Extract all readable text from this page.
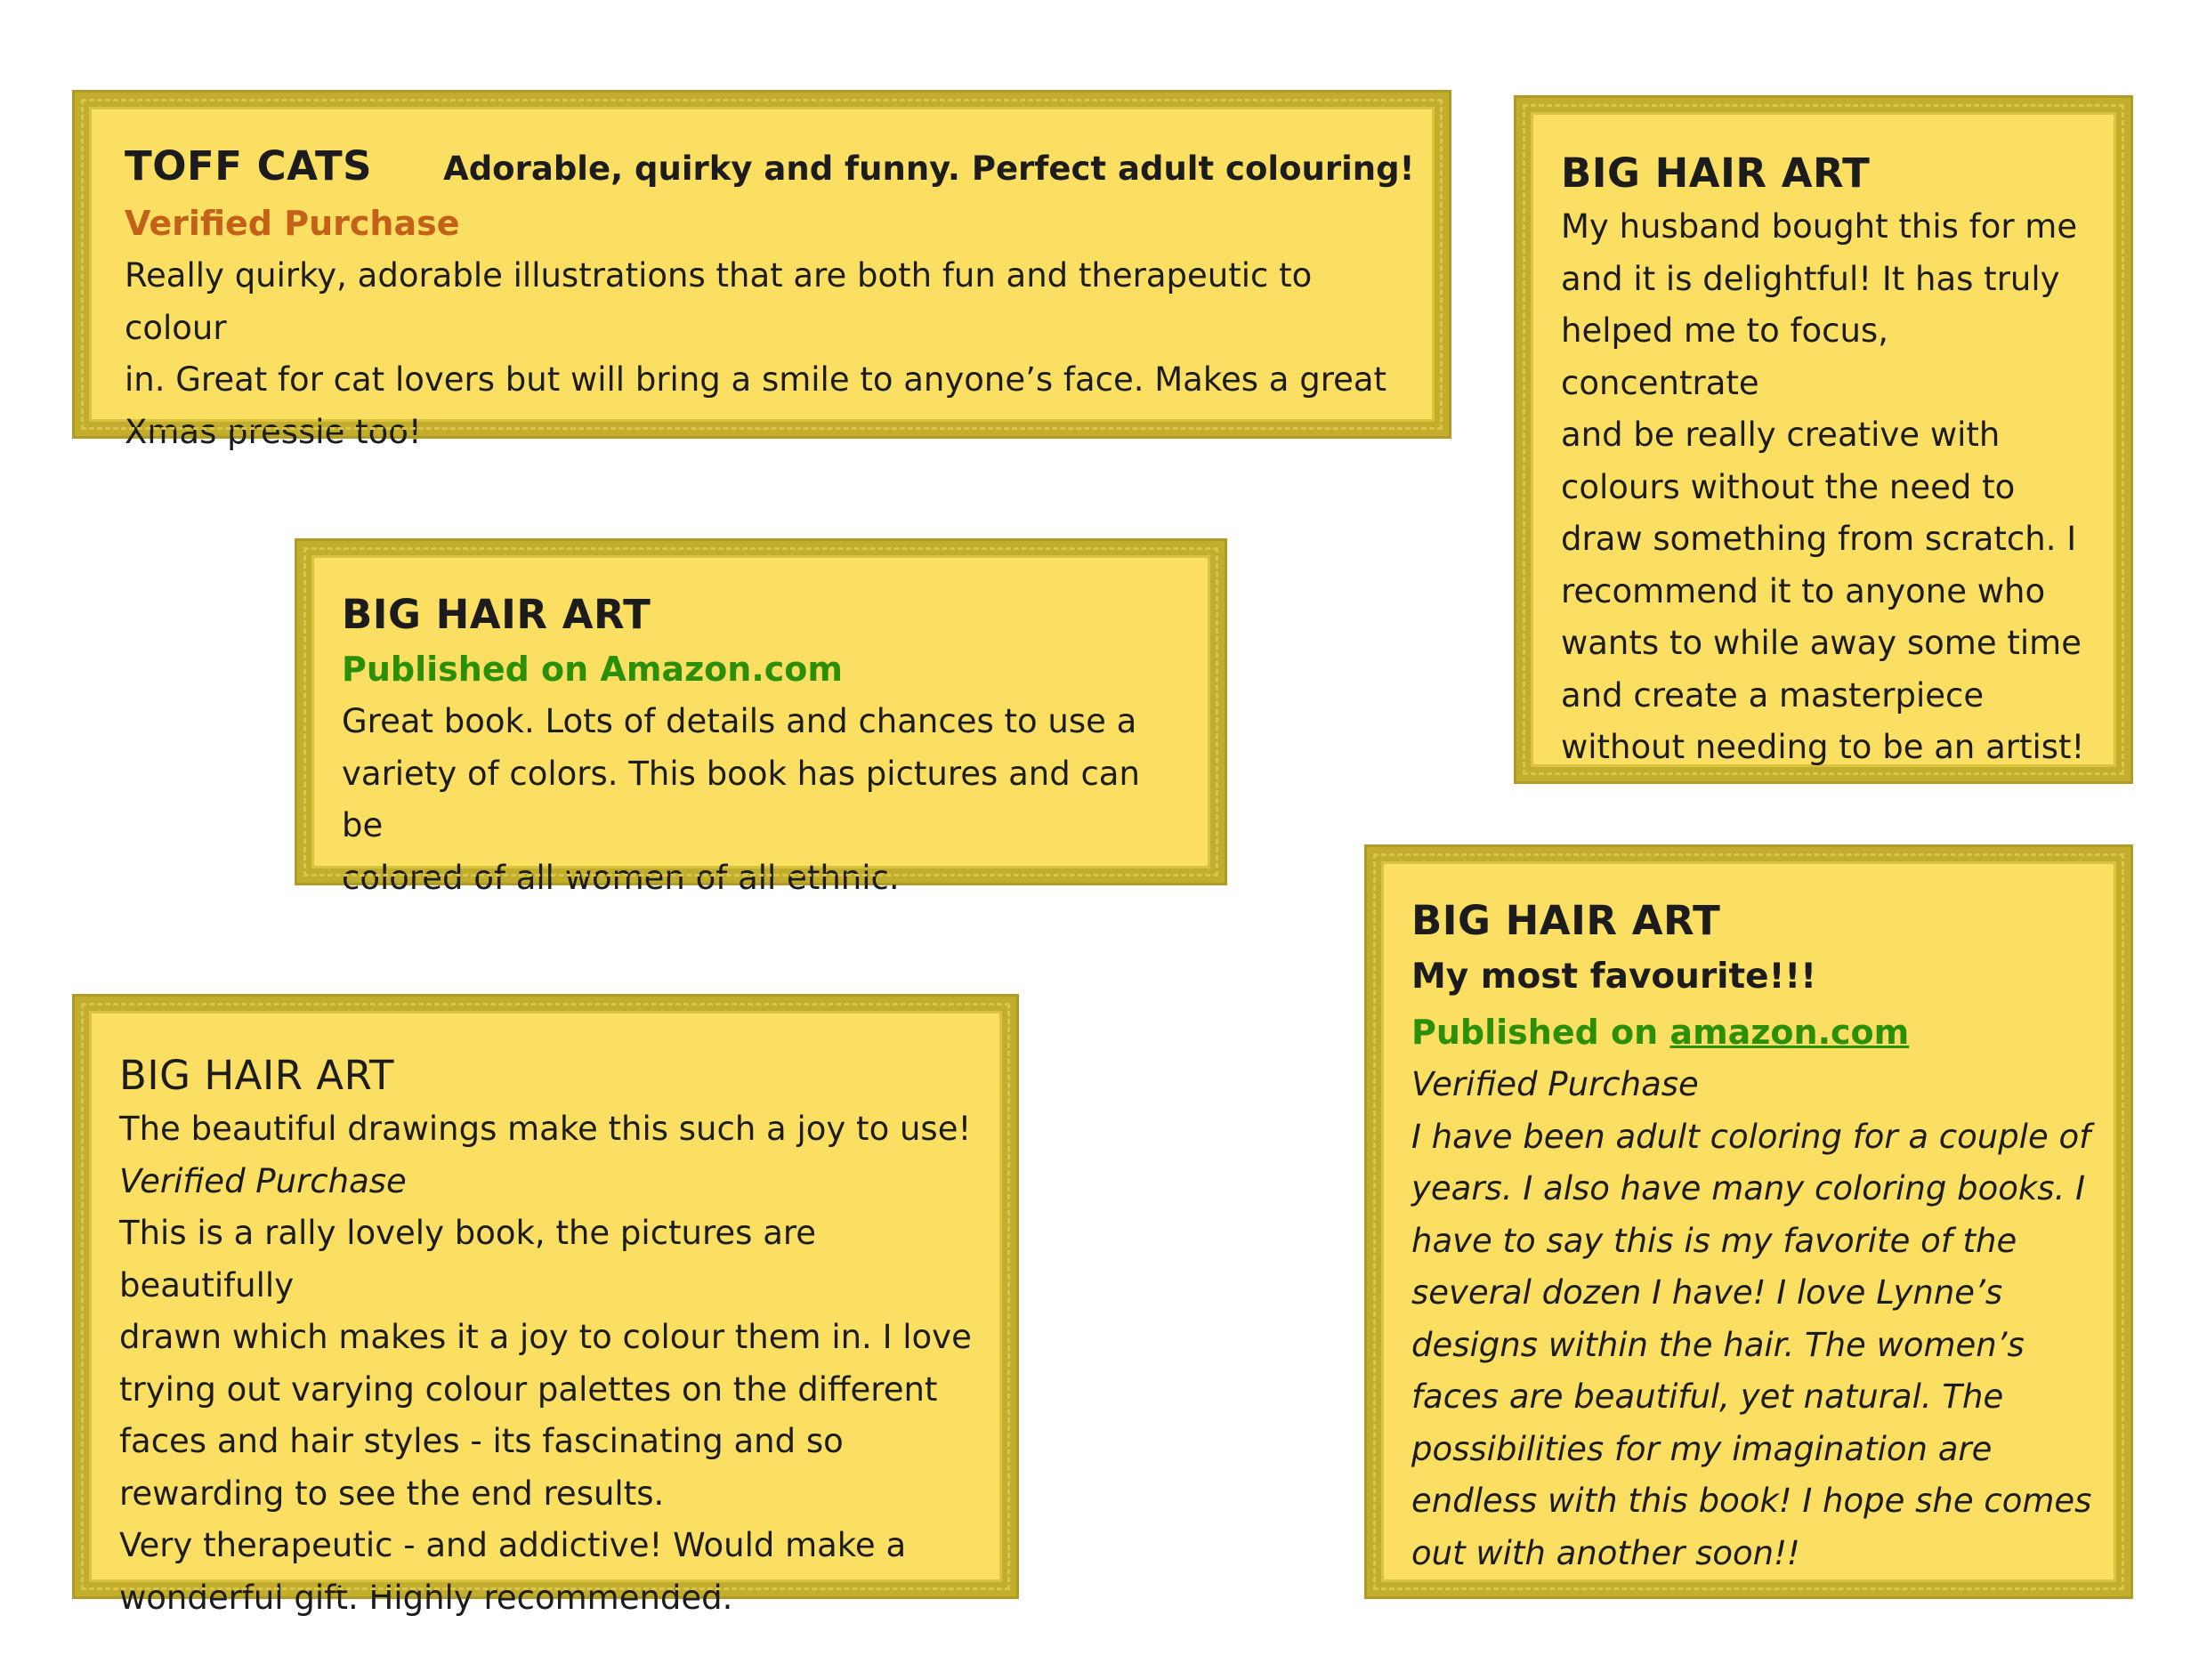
TOFF CATS Adorable, quirky and funny. Perfect adult colouring!
Verified Purchase
Really quirky, adorable illustrations that are both fun and therapeutic to colour
in. Great for cat lovers but will bring a smile to anyone’s face. Makes a great
Xmas pressie too!
BIG HAIR ART
My husband bought this for me
and it is delightful! It has truly
helped me to focus, concentrate
and be really creative with
colours without the need to
draw something from scratch. I
recommend it to anyone who
wants to while away some time
and create a masterpiece
without needing to be an artist!
BIG HAIR ART
Published on Amazon.com
Great book. Lots of details and chances to use a
variety of colors. This book has pictures and can be
colored of all women of all ethnic.
BIG HAIR ART
The beautiful drawings make this such a joy to use!
Verified Purchase
This is a rally lovely book, the pictures are beautifully
drawn which makes it a joy to colour them in. I love
trying out varying colour palettes on the different
faces and hair styles - its fascinating and so
rewarding to see the end results.
Very therapeutic - and addictive! Would make a
wonderful gift. Highly recommended.
BIG HAIR ART
My most favourite!!!
Published on amazon.com
Verified Purchase
I have been adult coloring for a couple of
years. I also have many coloring books. I
have to say this is my favorite of the
several dozen I have! I love Lynne’s
designs within the hair. The women’s
faces are beautiful, yet natural. The
possibilities for my imagination are
endless with this book! I hope she comes
out with another soon!!
